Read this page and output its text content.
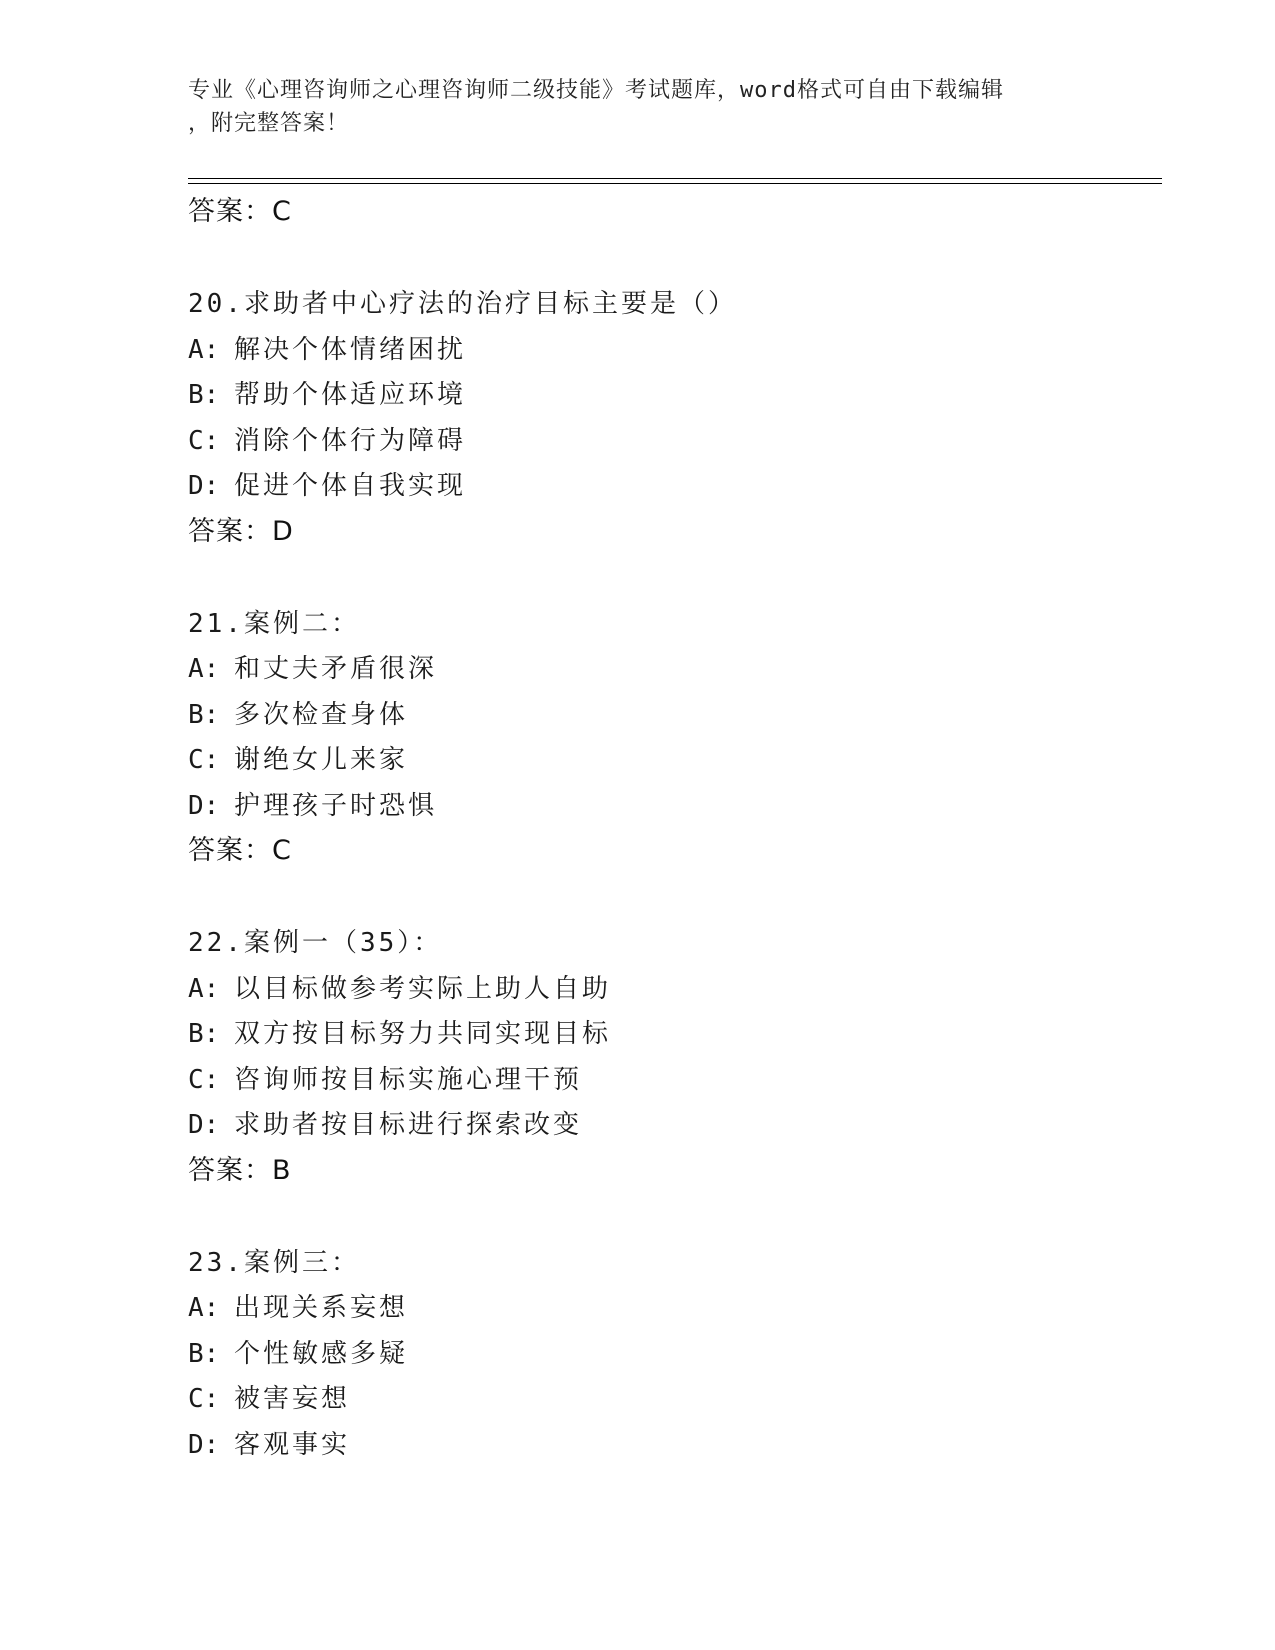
专业《心理咨询师之心理咨询师二级技能》考试题库，word格式可自由下载编辑
，附完整答案！
答案：C
20.求助者中心疗法的治疗目标主要是（）
A: 解决个体情绪困扰
B: 帮助个体适应环境
C: 消除个体行为障碍
D: 促进个体自我实现
答案：D
21.案例二：
A: 和丈夫矛盾很深
B: 多次检查身体
C: 谢绝女儿来家
D: 护理孩子时恐惧
答案：C
22.案例一（35）：
A: 以目标做参考实际上助人自助
B: 双方按目标努力共同实现目标
C: 咨询师按目标实施心理干预
D: 求助者按目标进行探索改变
答案：B
23.案例三：
A: 出现关系妄想
B: 个性敏感多疑
C: 被害妄想
D: 客观事实
